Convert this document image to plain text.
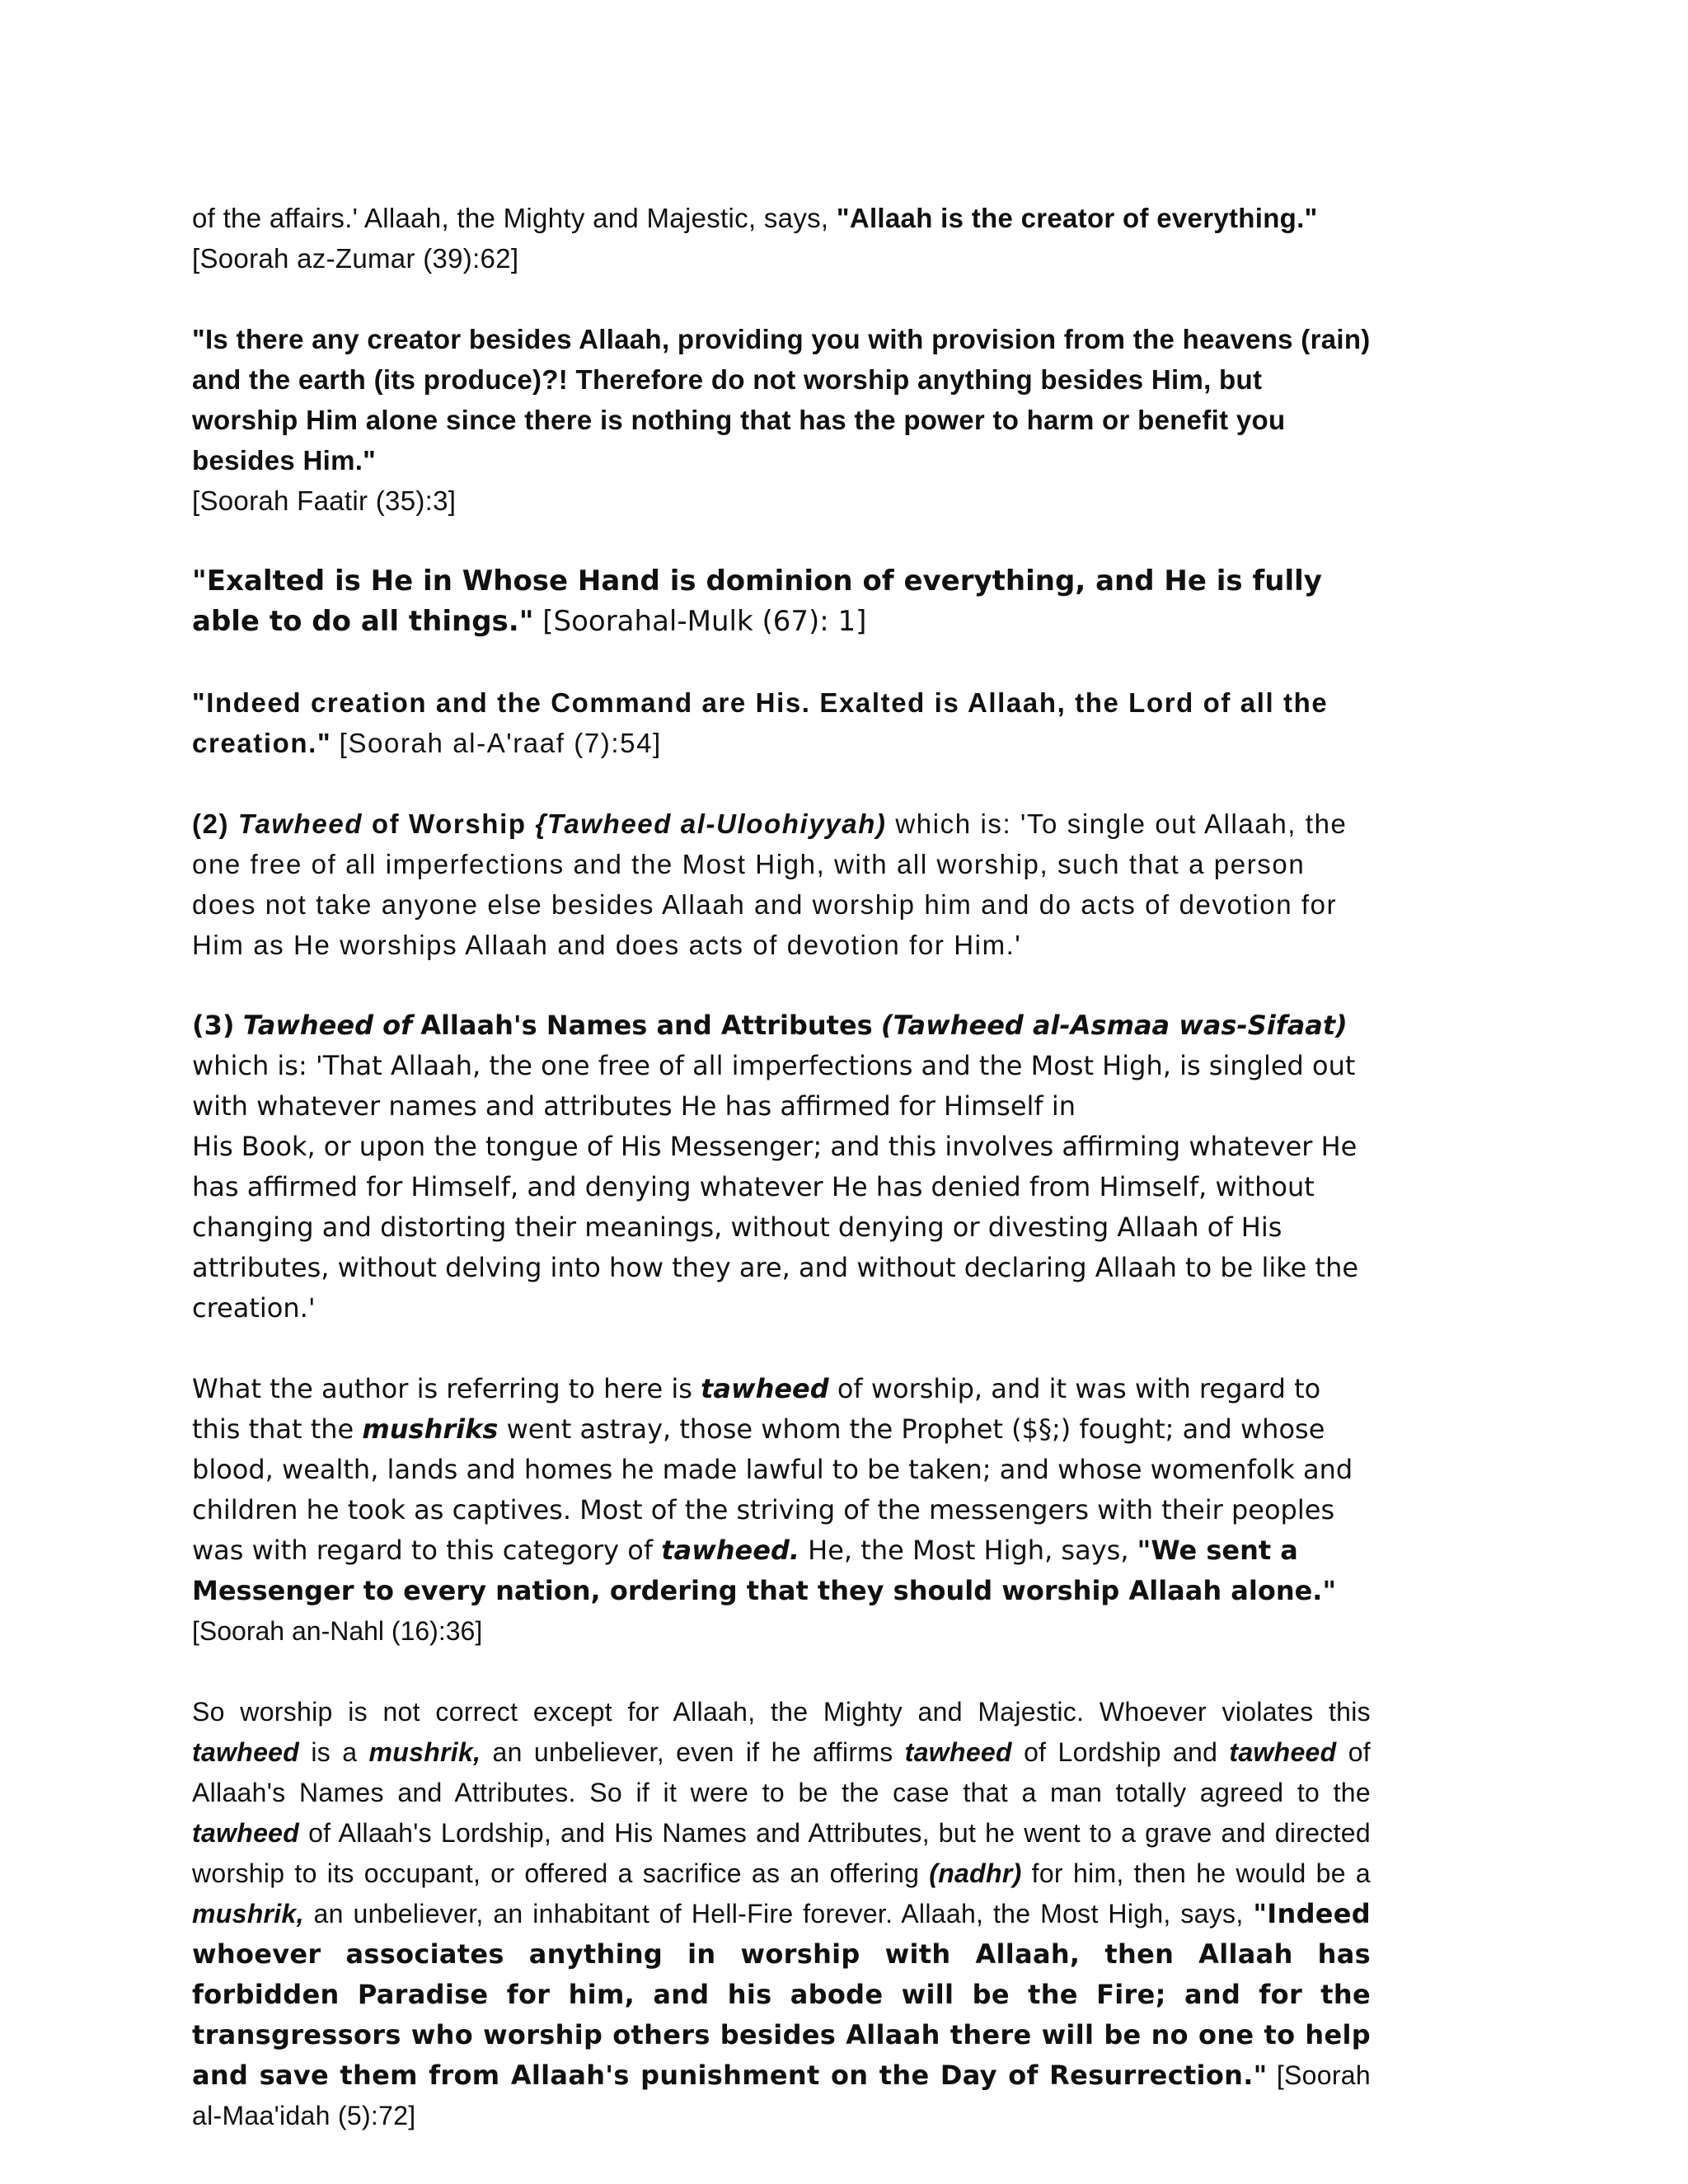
of the affairs.' Allaah, the Mighty and Majestic, says, "Allaah is the creator of everything."
[Soorah az-Zumar (39):62]

"Is there any creator besides Allaah, providing you with provision from the heavens (rain) and the earth (its produce)?! Therefore do not worship anything besides Him, but worship Him alone since there is nothing that has the power to harm or benefit you besides Him."
[Soorah Faatir (35):3]

"Exalted is He in Whose Hand is dominion of everything, and He is fully able to do all things." [Soorahal-Mulk (67): 1]

"Indeed creation and the Command are His. Exalted is Allaah, the Lord of all the creation." [Soorah al-A'raaf (7):54]

(2) Tawheed of Worship {Tawheed al-Uloohiyyah) which is: 'To single out Allaah, the one free of all imperfections and the Most High, with all worship, such that a person does not take anyone else besides Allaah and worship him and do acts of devotion for Him as He worships Allaah and does acts of devotion for Him.'

(3) Tawheed of Allaah's Names and Attributes (Tawheed al-Asmaa was-Sifaat) which is: 'That Allaah, the one free of all imperfections and the Most High, is singled out with whatever names and attributes He has affirmed for Himself in
His Book, or upon the tongue of His Messenger; and this involves affirming whatever He has affirmed for Himself, and denying whatever He has denied from Himself, without changing and distorting their meanings, without denying or divesting Allaah of His attributes, without delving into how they are, and without declaring Allaah to be like the creation.'

What the author is referring to here is tawheed of worship, and it was with regard to this that the mushriks went astray, those whom the Prophet ($§;) fought; and whose blood, wealth, lands and homes he made lawful to be taken; and whose womenfolk and children he took as captives. Most of the striving of the messengers with their peoples was with regard to this category of tawheed. He, the Most High, says, "We sent a Messenger to every nation, ordering that they should worship Allaah alone." [Soorah an-Nahl (16):36]

So worship is not correct except for Allaah, the Mighty and Majestic. Whoever violates this tawheed is a mushrik, an unbeliever, even if he affirms tawheed of Lordship and tawheed of Allaah's Names and Attributes. So if it were to be the case that a man totally agreed to the tawheed of Allaah's Lordship, and His Names and Attributes, but he went to a grave and directed worship to its occupant, or offered a sacrifice as an offering (nadhr) for him, then he would be a mushrik, an unbeliever, an inhabitant of Hell-Fire forever. Allaah, the Most High, says, "Indeed whoever associates anything in worship with Allaah, then Allaah has forbidden Paradise for him, and his abode will be the Fire; and for the transgressors who worship others besides Allaah there will be no one to help and save them from Allaah's punishment on the Day of Resurrection." [Soorah al-Maa'idah (5):72]
